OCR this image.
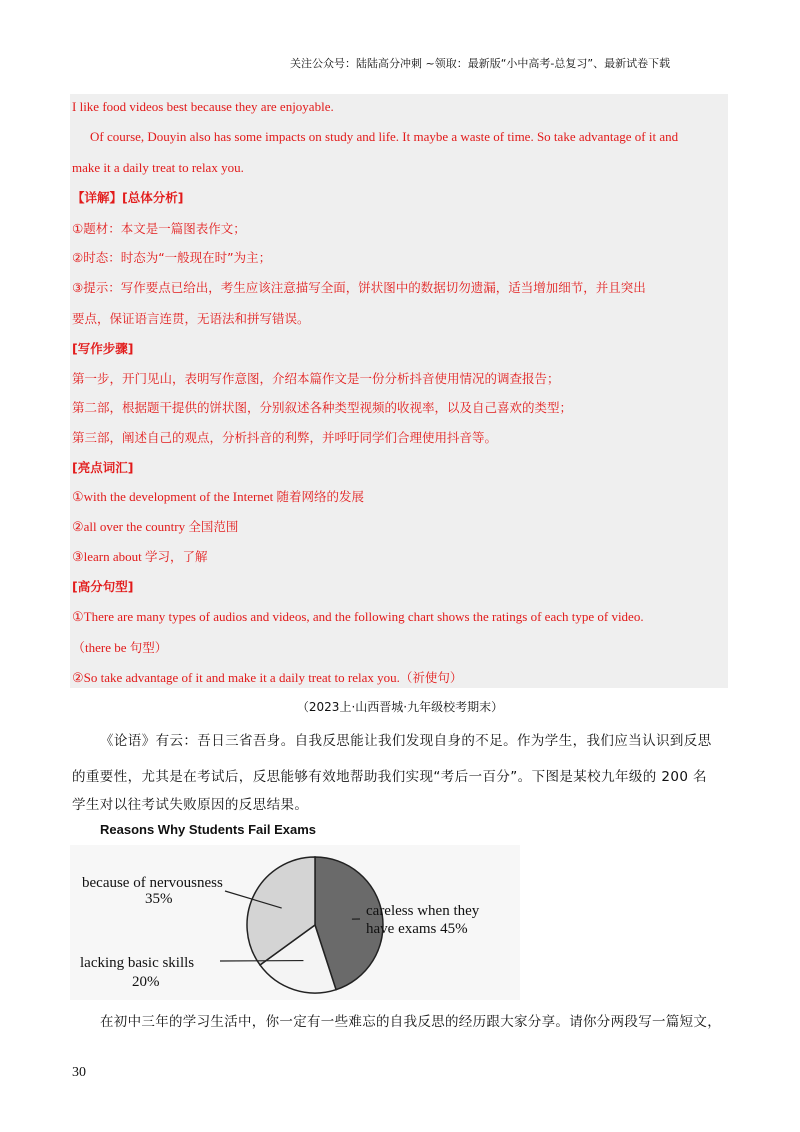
关注公众号：陆陆高分冲刺 ~领取：最新版“小中高考-总复习”、最新试卷下载
I like food videos best because they are enjoyable.
Of course, Douyin also has some impacts on study and life. It maybe a waste of time. So take advantage of it and
make it a daily treat to relax you.
【详解】[总体分析]
①题材：本文是一篇图表作文；
②时态：时态为“一般现在时”为主；
③提示：写作要点已给出，考生应该注意描写全面，饼状图中的数据切勿遗漏，适当增加细节，并且突出
要点，保证语言连贯，无语法和拼写错误。
[写作步骤]
第一步，开门见山，表明写作意图，介绍本篇作文是一份分析抖音使用情况的调查报告；
第二部，根据题干提供的饼状图，分别叙述各种类型视频的收视率，以及自己喜欢的类型；
第三部，阐述自己的观点，分析抖音的利弊，并呼吁同学们合理使用抖音等。
[亮点词汇]
①with the development of the Internet 随着网络的发展
②all over the country 全国范围
③learn about 学习，了解
[高分句型]
①There are many types of audios and videos, and the following chart shows the ratings of each type of video.
（there be 句型）
②So take advantage of it and make it a daily treat to relax you.（祈使句）
（2023上·山西晋城·九年级校考期末）
《论语》有云：吾日三省吾身。自我反思能让我们发现自身的不足。作为学生，我们应当认识到反思
的重要性，尤其是在考试后，反思能够有效地帮助我们实现“考后一百分”。下图是某校九年级的 200 名
学生对以往考试失败原因的反思结果。
Reasons Why Students Fail Exams
because of nervousness
35%
careless when they have exams 45%
lacking basic skills
20%
在初中三年的学习生活中，你一定有一些难忘的自我反思的经历跟大家分享。请你分两段写一篇短文，
30
